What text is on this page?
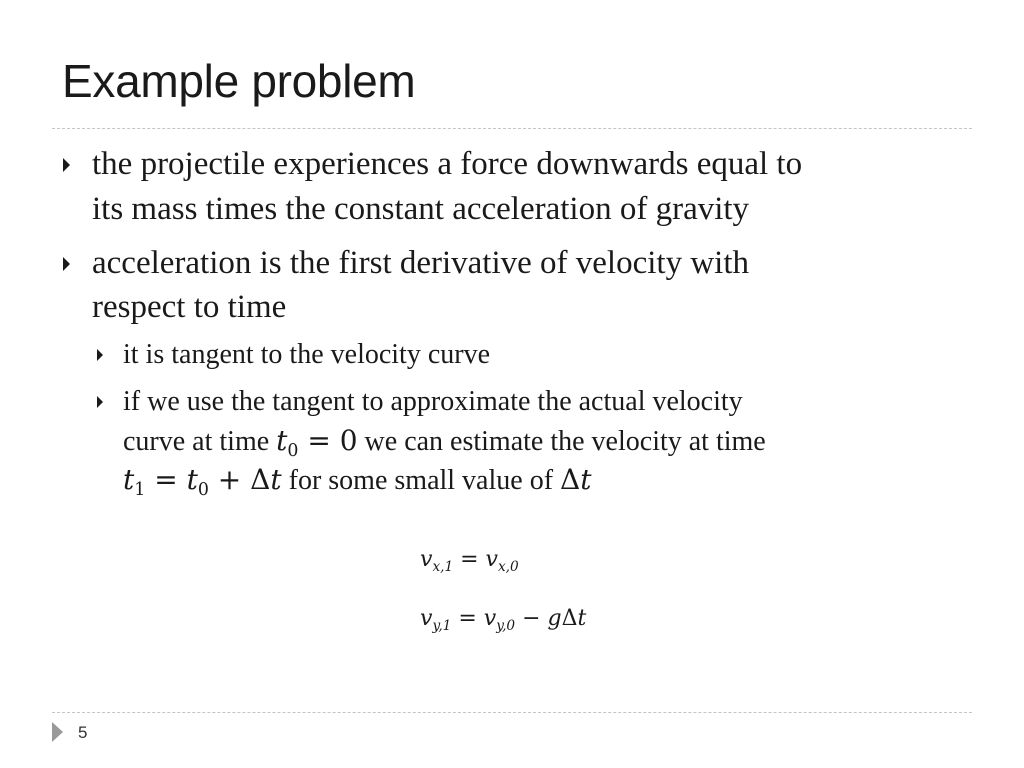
Example problem
the projectile experiences a force downwards equal to
its mass times the constant acceleration of gravity
acceleration is the first derivative of velocity with
respect to time
it is tangent to the velocity curve
if we use the tangent to approximate the actual velocity
curve at time $t_0 = 0$ we can estimate the velocity at time
$t_1 = t_0 + \Delta t$ for some small value of Δt
$v_{x,1} = v_{x,0}$
$v_{y,1} = v_{y,0} - g\Delta t$
5
